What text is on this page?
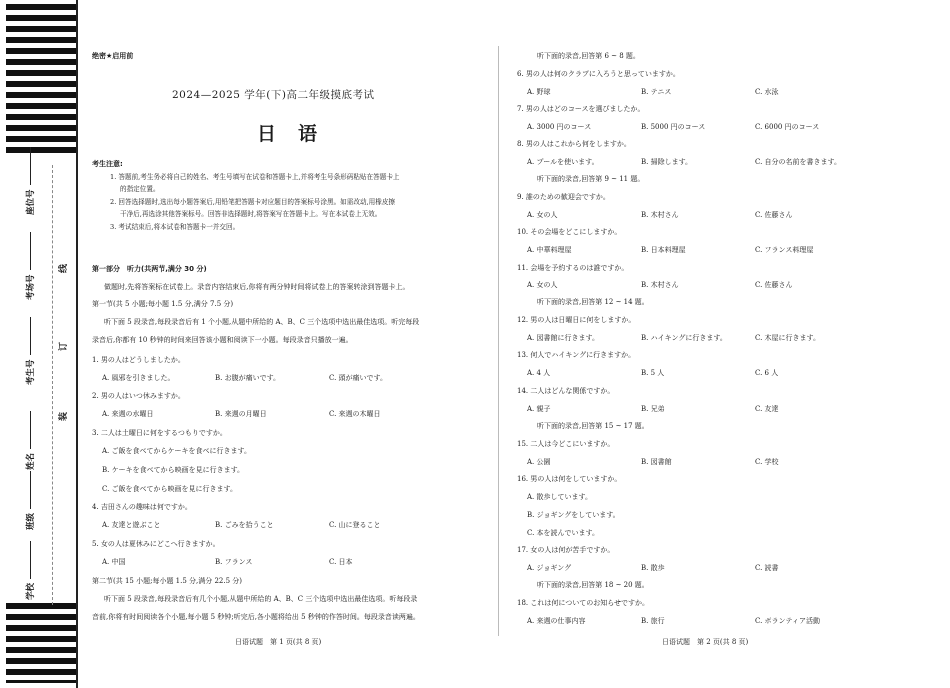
座位号
考场号
考生号
姓名
班级
学校
线
订
装
绝密★启用前
2024—2025 学年(下)高二年级摸底考试
日语
考生注意:
1. 答题前,考生务必将自己的姓名、考生号填写在试卷和答题卡上,并将考生号条形码粘贴在答题卡上
的指定位置。
2. 回答选择题时,选出每小题答案后,用铅笔把答题卡对应题目的答案标号涂黑。如需改动,用橡皮擦
干净后,再选涂其他答案标号。回答非选择题时,将答案写在答题卡上。写在本试卷上无效。
3. 考试结束后,将本试卷和答题卡一并交回。
第一部分　听力(共两节,满分 30 分)
做题时,先将答案标在试卷上。录音内容结束后,你将有两分钟时间将试卷上的答案转涂到答题卡上。
第一节(共 5 小题;每小题 1.5 分,满分 7.5 分)
听下面 5 段录音,每段录音后有 1 个小题,从题中所给的 A、B、C 三个选项中选出最佳选项。听完每段
录音后,你都有 10 秒钟的时间来回答该小题和阅读下一小题。每段录音只播放一遍。
1. 男の人はどうしましたか。
A. 風邪を引きました。	B. お腹が痛いです。	C. 頭が痛いです。
2. 男の人はいつ休みますか。
A. 来週の水曜日	B. 来週の月曜日	C. 来週の木曜日
3. 二人は土曜日に何をするつもりですか。
A. ご飯を食べてからケーキを食べに行きます。
B. ケーキを食べてから映画を見に行きます。
C. ご飯を食べてから映画を見に行きます。
4. 吉田さんの趣味は何ですか。
A. 友達と遊ぶこと	B. ごみを拾うこと	C. 山に登ること
5. 女の人は夏休みにどこへ行きますか。
A. 中国	B. フランス	C. 日本
第二节(共 15 小题;每小题 1.5 分,满分 22.5 分)
听下面 5 段录音,每段录音后有几个小题,从题中所给的 A、B、C 三个选项中选出最佳选项。听每段录
音前,你将有时间阅读各个小题,每小题 5 秒钟;听完后,各小题将给出 5 秒钟的作答时间。每段录音读两遍。
日语试题　第 1 页(共 8 页)
听下面的录音,回答第 6 ~ 8 题。
6. 男の人は何のクラブに入ろうと思っていますか。
A. 野球	B. テニス	C. 水泳
7. 男の人はどのコースを選びましたか。
A. 3000 円のコース	B. 5000 円のコース	C. 6000 円のコース
8. 男の人はこれから何をしますか。
A. プールを使います。	B. 掃除します。	C. 自分の名前を書きます。
听下面的录音,回答第 9 ~ 11 题。
9. 誰のための歓迎会ですか。
A. 女の人	B. 木村さん	C. 佐藤さん
10. その会場をどこにしますか。
A. 中華料理屋	B. 日本料理屋	C. フランス料理屋
11. 会場を予約するのは誰ですか。
A. 女の人	B. 木村さん	C. 佐藤さん
听下面的录音,回答第 12 ~ 14 题。
12. 男の人は日曜日に何をしますか。
A. 図書館に行きます。	B. ハイキングに行きます。	C. 木屋に行きます。
13. 何人でハイキングに行きますか。
A. 4 人	B. 5 人	C. 6 人
14. 二人はどんな関係ですか。
A. 親子	B. 兄弟	C. 友達
听下面的录音,回答第 15 ~ 17 题。
15. 二人は今どこにいますか。
A. 公園	B. 図書館	C. 学校
16. 男の人は何をしていますか。
A. 散歩しています。
B. ジョギングをしています。
C. 本を読んでいます。
17. 女の人は何が苦手ですか。
A. ジョギング	B. 散歩	C. 読書
听下面的录音,回答第 18 ~ 20 题。
18. これは何についてのお知らせですか。
A. 来週の仕事内容	B. 旅行	C. ボランティア活動
日语试题　第 2 页(共 8 页)
